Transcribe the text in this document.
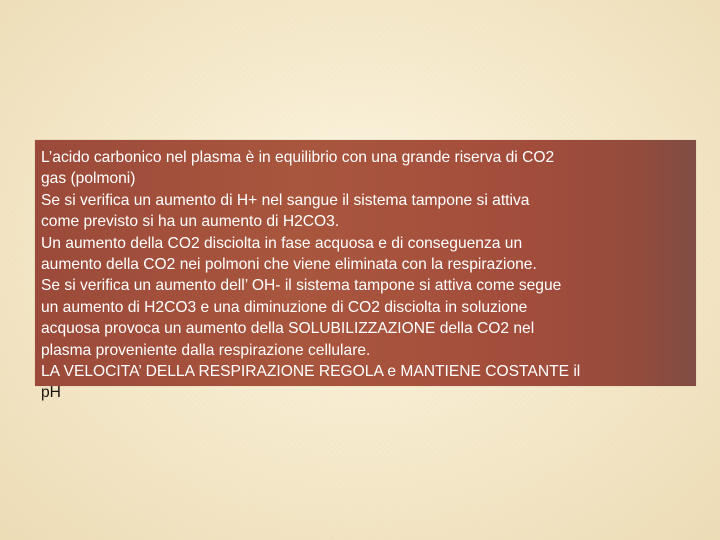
L’acido carbonico nel plasma è in equilibrio con una grande riserva di CO2
gas (polmoni)
Se si verifica un aumento di H+ nel sangue il sistema tampone si attiva
come previsto si ha un aumento di H2CO3.
Un aumento della CO2 disciolta in fase acquosa e di conseguenza un
aumento della CO2 nei polmoni che viene eliminata con la respirazione.
Se si verifica un aumento dell’ OH- il sistema tampone si attiva come segue
un aumento di H2CO3 e una diminuzione di CO2 disciolta in soluzione
acquosa provoca un aumento della SOLUBILIZZAZIONE della CO2 nel
plasma proveniente dalla respirazione cellulare.
LA VELOCITA’ DELLA RESPIRAZIONE REGOLA e MANTIENE COSTANTE il
pH
